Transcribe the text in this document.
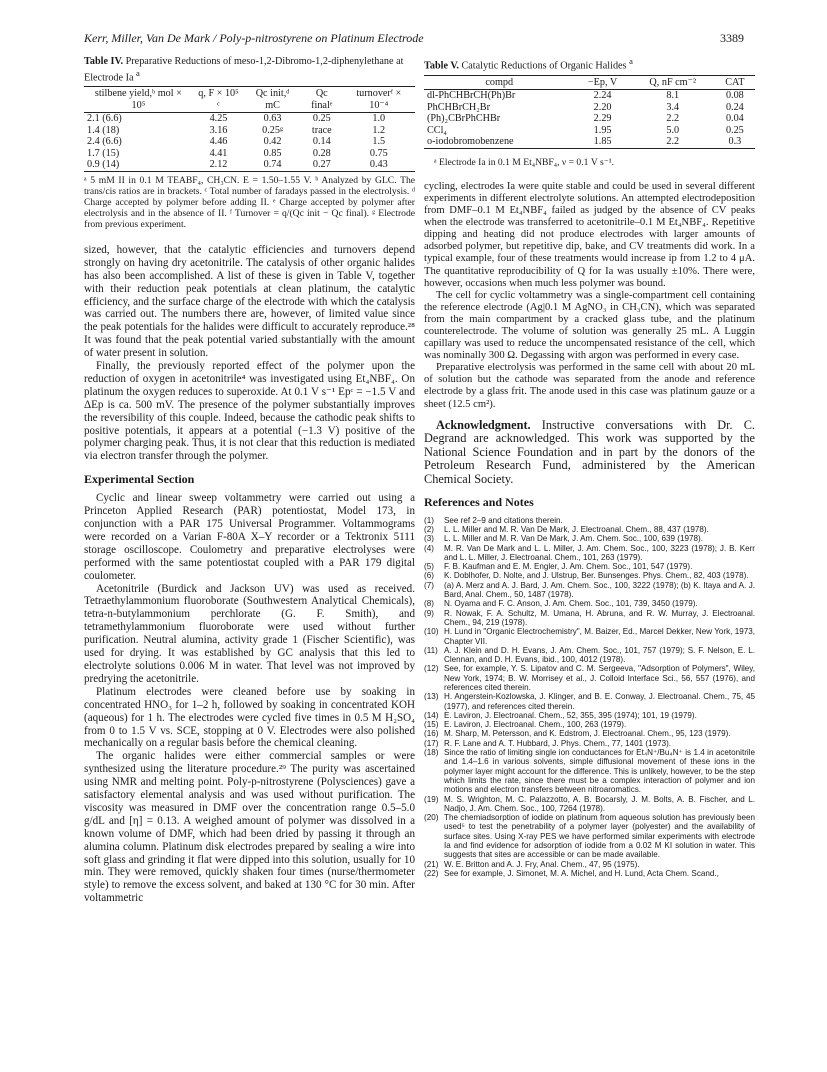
Kerr, Miller, Van De Mark / Poly-p-nitrostyrene on Platinum Electrode	3389
Table IV. Preparative Reductions of meso-1,2-Dibromo-1,2-diphenylethane at Electrode Ia $^a$
stilbene yield,ᵇ mol × 10⁵	q, F × 10⁵ ᶜ	Qc init,ᵈ mC	Qc finalᵉ	turnoverᶠ × 10⁻⁴
2.1 (6.6)	4.25	0.63	0.25	1.0
1.4 (18)	3.16	0.25ᵍ	trace	1.2
2.4 (6.6)	4.46	0.42	0.14	1.5
1.7 (15)	4.41	0.85	0.28	0.75
0.9 (14)	2.12	0.74	0.27	0.43
ᵃ 5 mM II in 0.1 M TEABF₄, CH₃CN. E = 1.50–1.55 V. ᵇ Analyzed by GLC. The trans/cis ratios are in brackets. ᶜ Total number of faradays passed in the electrolysis. ᵈ Charge accepted by polymer before adding II. ᵉ Charge accepted by polymer after electrolysis and in the absence of II. ᶠ Turnover = q/(Qc init − Qc final). ᵍ Electrode from previous experiment.

sized, however, that the catalytic efficiencies and turnovers depend strongly on having dry acetonitrile. The catalysis of other organic halides has also been accomplished. A list of these is given in Table V, together with their reduction peak potentials at clean platinum, the catalytic efficiency, and the surface charge of the electrode with which the catalysis was carried out. The numbers there are, however, of limited value since the peak potentials for the halides were difficult to accurately reproduce.²⁸ It was found that the peak potential varied substantially with the amount of water present in solution.

Finally, the previously reported effect of the polymer upon the reduction of oxygen in acetonitrile⁴ was investigated using Et₄NBF₄. On platinum the oxygen reduces to superoxide. At 0.1 V s⁻¹ Epᶜ = −1.5 V and ΔEp is ca. 500 mV. The presence of the polymer substantially improves the reversibility of this couple. Indeed, because the cathodic peak shifts to positive potentials, it appears at a potential (−1.3 V) positive of the polymer charging peak. Thus, it is not clear that this reduction is mediated via electron transfer through the polymer.

Experimental Section

Cyclic and linear sweep voltammetry were carried out using a Princeton Applied Research (PAR) potentiostat, Model 173, in conjunction with a PAR 175 Universal Programmer. Voltammograms were recorded on a Varian F-80A X–Y recorder or a Tektronix 5111 storage oscilloscope. Coulometry and preparative electrolyses were performed with the same potentiostat coupled with a PAR 179 digital coulometer.

Acetonitrile (Burdick and Jackson UV) was used as received. Tetraethylammonium fluoroborate (Southwestern Analytical Chemicals), tetra-n-butylammonium perchlorate (G. F. Smith), and tetramethylammonium fluoroborate were used without further purification. Neutral alumina, activity grade 1 (Fischer Scientific), was used for drying. It was established by GC analysis that this led to electrolyte solutions 0.006 M in water. That level was not improved by predrying the acetonitrile.

Platinum electrodes were cleaned before use by soaking in concentrated HNO₃ for 1–2 h, followed by soaking in concentrated KOH (aqueous) for 1 h. The electrodes were cycled five times in 0.5 M H₂SO₄ from 0 to 1.5 V vs. SCE, stopping at 0 V. Electrodes were also polished mechanically on a regular basis before the chemical cleaning.

The organic halides were either commercial samples or were synthesized using the literature procedure.²⁹ The purity was ascertained using NMR and melting point. Poly-p-nitrostyrene (Polysciences) gave a satisfactory elemental analysis and was used without purification. The viscosity was measured in DMF over the concentration range 0.5–5.0 g/dL and [η] = 0.13. A weighed amount of polymer was dissolved in a known volume of DMF, which had been dried by passing it through an alumina column. Platinum disk electrodes prepared by sealing a wire into soft glass and grinding it flat were dipped into this solution, usually for 10 min. They were removed, quickly shaken four times (nurse/thermometer style) to remove the excess solvent, and baked at 130 °C for 30 min. After voltammetric

Table V. Catalytic Reductions of Organic Halides $^a$
compd	−Ep, V	Q, nF cm⁻²	CAT
dl-PhCHBrCH(Ph)Br	2.24	8.1	0.08
PhCHBrCH₂Br	2.20	3.4	0.24
(Ph)₂CBrPhCHBr	2.29	2.2	0.04
CCl₄	1.95	5.0	0.25
o-iodobromobenzene	1.85	2.2	0.3
ᵃ Electrode Ia in 0.1 M Et₄NBF₄, ν = 0.1 V s⁻¹.

cycling, electrodes Ia were quite stable and could be used in several different experiments in different electrolyte solutions. An attempted electrodeposition from DMF–0.1 M Et₄NBF₄ failed as judged by the absence of CV peaks when the electrode was transferred to acetonitrile–0.1 M Et₄NBF₄. Repetitive dipping and heating did not produce electrodes with larger amounts of adsorbed polymer, but repetitive dip, bake, and CV treatments did work. In a typical example, four of these treatments would increase ip from 1.2 to 4 μA. The quantitative reproducibility of Q for Ia was usually ±10%. There were, however, occasions when much less polymer was bound.

The cell for cyclic voltammetry was a single-compartment cell containing the reference electrode (Ag|0.1 M AgNO₃ in CH₃CN), which was separated from the main compartment by a cracked glass tube, and the platinum counterelectrode. The volume of solution was generally 25 mL. A Luggin capillary was used to reduce the uncompensated resistance of the cell, which was nominally 300 Ω. Degassing with argon was performed in every case.

Preparative electrolysis was performed in the same cell with about 20 mL of solution but the cathode was separated from the anode and reference electrode by a glass frit. The anode used in this case was platinum gauze or a sheet (12.5 cm²).

Acknowledgment. Instructive conversations with Dr. C. Degrand are acknowledged. This work was supported by the National Science Foundation and in part by the donors of the Petroleum Research Fund, administered by the American Chemical Society.
References and Notes
(1) See ref 2–9 and citations therein.
(2) L. L. Miller and M. R. Van De Mark, J. Electroanal. Chem., 88, 437 (1978).
(3) L. L. Miller and M. R. Van De Mark, J. Am. Chem. Soc., 100, 639 (1978).
(4) M. R. Van De Mark and L. L. Miller, J. Am. Chem. Soc., 100, 3223 (1978); J. B. Kerr and L. L. Miller, J. Electroanal. Chem., 101, 263 (1979).
(5) F. B. Kaufman and E. M. Engler, J. Am. Chem. Soc., 101, 547 (1979).
(6) K. Doblhofer, D. Nolte, and J. Ulstrup, Ber. Bunsenges. Phys. Chem., 82, 403 (1978).
(7) (a) A. Merz and A. J. Bard, J. Am. Chem. Soc., 100, 3222 (1978); (b) K. Itaya and A. J. Bard, Anal. Chem., 50, 1487 (1978).
(8) N. Oyama and F. C. Anson, J. Am. Chem. Soc., 101, 739, 3450 (1979).
(9) R. Nowak, F. A. Schultz, M. Umana, H. Abruna, and R. W. Murray, J. Electroanal. Chem., 94, 219 (1978).
(10) H. Lund in "Organic Electrochemistry", M. Baizer, Ed., Marcel Dekker, New York, 1973, Chapter VII.
(11) A. J. Klein and D. H. Evans, J. Am. Chem. Soc., 101, 757 (1979); S. F. Nelson, E. L. Clennan, and D. H. Evans, ibid., 100, 4012 (1978).
(12) See, for example, Y. S. Lipatov and C. M. Sergeeva, "Adsorption of Polymers", Wiley, New York, 1974; B. W. Morrisey et al., J. Colloid Interface Sci., 56, 557 (1976), and references cited therein.
(13) H. Angerstein-Kozlowska, J. Klinger, and B. E. Conway, J. Electroanal. Chem., 75, 45 (1977), and references cited therein.
(14) E. Laviron, J. Electroanal. Chem., 52, 355, 395 (1974); 101, 19 (1979).
(15) E. Laviron, J. Electroanal. Chem., 100, 263 (1979).
(16) M. Sharp, M. Petersson, and K. Edstrom, J. Electroanal. Chem., 95, 123 (1979).
(17) R. F. Lane and A. T. Hubbard, J. Phys. Chem., 77, 1401 (1973).
(18) Since the ratio of limiting single ion conductances for Et₄N⁺/Bu₄N⁺ is 1.4 in acetonitrile and 1.4–1.6 in various solvents, simple diffusional movement of these ions in the polymer layer might account for the difference. This is unlikely, however, to be the step which limits the rate, since there must be a complex interaction of polymer and ion motions and electron transfers between nitroaromatics.
(19) M. S. Wrighton, M. C. Palazzotto, A. B. Bocarsly, J. M. Bolts, A. B. Fischer, and L. Nadjo, J. Am. Chem. Soc., 100, 7264 (1978).
(20) The chemiadsorption of iodide on platinum from aqueous solution has previously been used⁵ to test the penetrability of a polymer layer (polyester) and the availability of surface sites. Using X-ray PES we have performed similar experiments with electrode Ia and find evidence for adsorption of iodide from a 0.02 M KI solution in water. This suggests that sites are accessible or can be made available.
(21) W. E. Britton and A. J. Fry, Anal. Chem., 47, 95 (1975).
(22) See for example, J. Simonet, M. A. Michel, and H. Lund, Acta Chem. Scand.,
